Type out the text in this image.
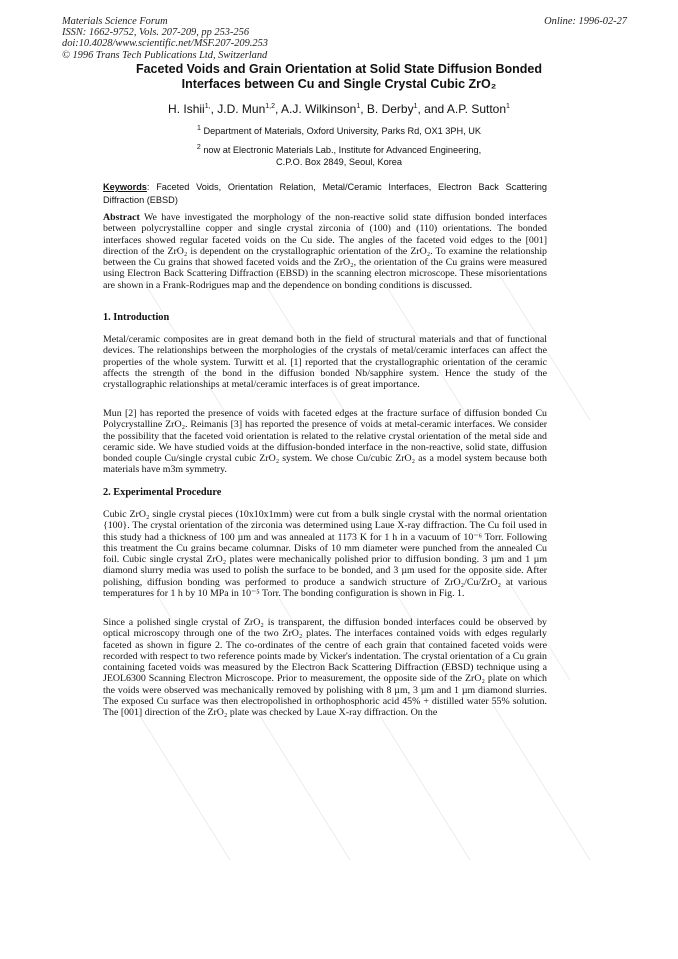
Materials Science Forum
ISSN: 1662-9752, Vols. 207-209, pp 253-256
doi:10.4028/www.scientific.net/MSF.207-209.253
© 1996 Trans Tech Publications Ltd, Switzerland
Online: 1996-02-27
Faceted Voids and Grain Orientation at Solid State Diffusion Bonded
Interfaces between Cu and Single Crystal Cubic ZrO₂
H. Ishii$^{1,}$, J.D. Mun$^{1,2}$, A.J. Wilkinson$^1$, B. Derby$^1$, and A.P. Sutton$^1$
$^1$ Department of Materials, Oxford University, Parks Rd, OX1 3PH, UK
$^2$ now at Electronic Materials Lab., Institute for Advanced Engineering,
C.P.O. Box 2849, Seoul, Korea
Keywords: Faceted Voids, Orientation Relation, Metal/Ceramic Interfaces, Electron Back Scattering Diffraction (EBSD)
Abstract We have investigated the morphology of the non-reactive solid state diffusion bonded interfaces between polycrystalline copper and single crystal zirconia of (100) and (110) orientations. The bonded interfaces showed regular faceted voids on the Cu side. The angles of the faceted void edges to the [001] direction of the ZrO₂ is dependent on the crystallographic orientation of the ZrO₂. To examine the relationship between the Cu grains that showed faceted voids and the ZrO₂, the orientation of the Cu grains were measured using Electron Back Scattering Diffraction (EBSD) in the scanning electron microscope. These misorientations are shown in a Frank-Rodrigues map and the dependence on bonding conditions is discussed.
1. Introduction
Metal/ceramic composites are in great demand both in the field of structural materials and that of functional devices. The relationships between the morphologies of the crystals of metal/ceramic interfaces can affect the properties of the whole system. Turwitt et al. [1] reported that the crystallographic orientation of the ceramic affects the strength of the bond in the diffusion bonded Nb/sapphire system. Hence the study of the crystallographic relationships at metal/ceramic interfaces is of great importance.
Mun [2] has reported the presence of voids with faceted edges at the fracture surface of diffusion bonded Cu Polycrystalline ZrO₂. Reimanis [3] has reported the presence of voids at metal-ceramic interfaces. We consider the possibility that the faceted void orientation is related to the relative crystal orientation of the metal side and ceramic side. We have studied voids at the diffusion-bonded interface in the non-reactive, solid state, diffusion bonded couple Cu/single crystal cubic ZrO₂ system. We chose Cu/cubic ZrO₂ as a model system because both materials have m3m symmetry.
2. Experimental Procedure
Cubic ZrO₂ single crystal pieces (10x10x1mm) were cut from a bulk single crystal with the normal orientation {100}. The crystal orientation of the zirconia was determined using Laue X-ray diffraction. The Cu foil used in this study had a thickness of 100 µm and was annealed at 1173 K for 1 h in a vacuum of 10⁻⁶ Torr. Following this treatment the Cu grains became columnar. Disks of 10 mm diameter were punched from the annealed Cu foil. Cubic single crystal ZrO₂ plates were mechanically polished prior to diffusion bonding. 3 µm and 1 µm diamond slurry media was used to polish the surface to be bonded, and 3 µm used for the opposite side. After polishing, diffusion bonding was performed to produce a sandwich structure of ZrO₂/Cu/ZrO₂ at various temperatures for 1 h by 10 MPa in 10⁻⁵ Torr. The bonding configuration is shown in Fig. 1.
Since a polished single crystal of ZrO₂ is transparent, the diffusion bonded interfaces could be observed by optical microscopy through one of the two ZrO₂ plates. The interfaces contained voids with edges regularly faceted as shown in figure 2. The co-ordinates of the centre of each grain that contained faceted voids were recorded with respect to two reference points made by Vicker's indentation. The crystal orientation of a Cu grain containing faceted voids was measured by the Electron Back Scattering Diffraction (EBSD) technique using a JEOL6300 Scanning Electron Microscope. Prior to measurement, the opposite side of the ZrO₂ plate on which the voids were observed was mechanically removed by polishing with 8 µm, 3 µm and 1 µm diamond slurries. The exposed Cu surface was then electropolished in orthophosphoric acid 45% + distilled water 55% solution. The [001] direction of the ZrO₂ plate was checked by Laue X-ray diffraction. On the
